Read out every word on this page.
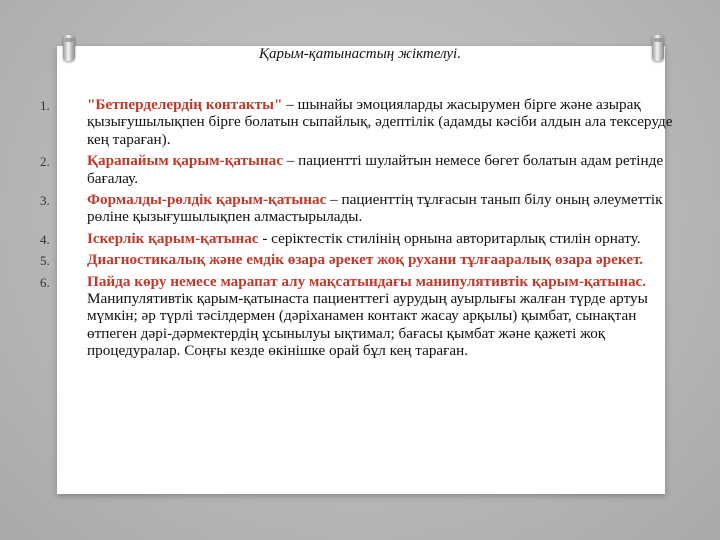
Қарым-қатынастың жіктелуі.
1.	"Бетперделердің контакты" – шынайы эмоцияларды жасырумен бірге және азырақ қызығушылықпен бірге болатын сыпайлық, әдептілік (адамды кәсіби алдын ала тексеруде кең тараған).
2.	Қарапайым қарым-қатынас – пациентті шулайтын немесе бөгет болатын адам ретінде бағалау.
3.	Формалды-рөлдік қарым-қатынас – пациенттің тұлғасын танып білу оның әлеуметтік рөліне қызығушылықпен алмастырылады.
4.	Іскерлік қарым-қатынас - серіктестік стилінің орнына авторитарлық стилін орнату.
5.	Диагностикалық және емдік өзара әрекет жоқ рухани тұлғааралық өзара әрекет.
6.	Пайда көру немесе марапат алу мақсатындағы манипулятивтік қарым-қатынас. Манипулятивтік қарым-қатынаста пациенттегі аурудың ауырлығы жалған түрде артуы мүмкін; әр түрлі тәсілдермен (дәріханамен контакт жасау арқылы) қымбат, сынақтан өтпеген дәрі-дәрмектердің ұсынылуы ықтимал; бағасы қымбат және қажеті жоқ процедуралар. Соңғы кезде өкінішке орай бұл кең тараған.
